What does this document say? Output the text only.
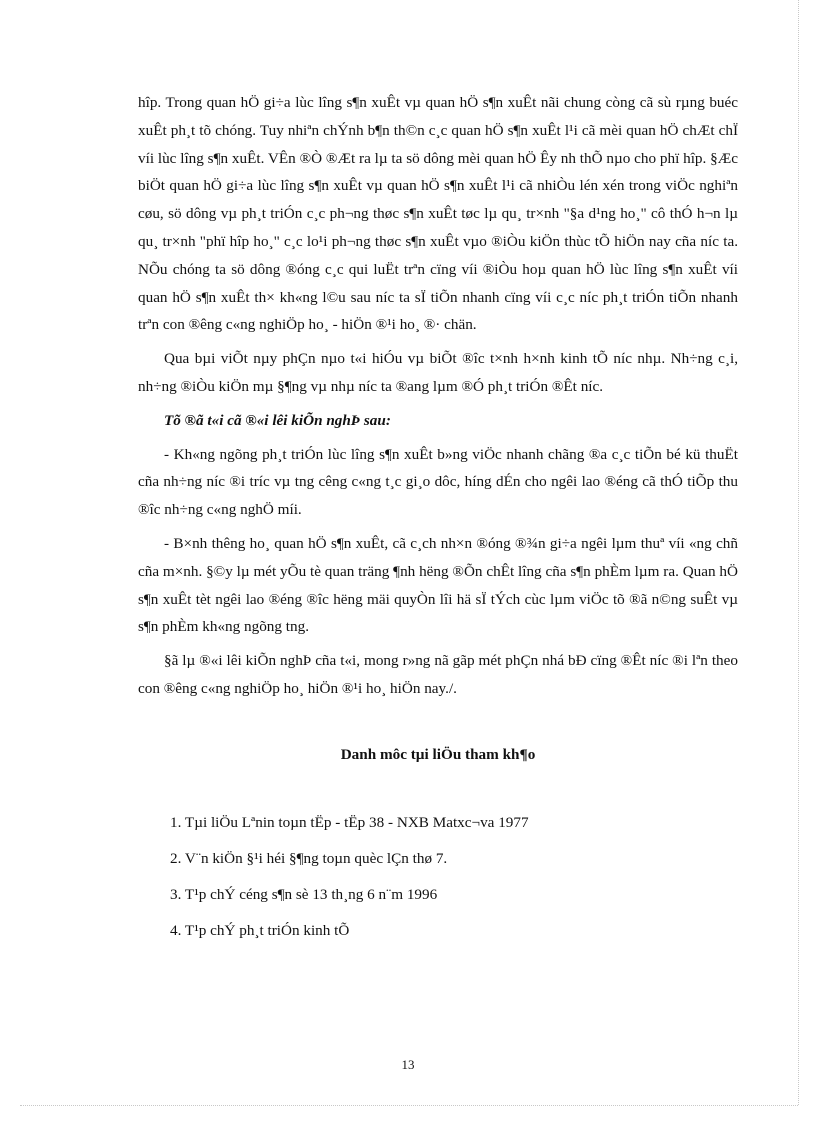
hîp. Trong quan hÖ gi÷a lùc lîng s¶n xuÊt vµ quan hÖ s¶n xuÊt nãi chung còng cã sù rµng buéc xuÊt ph¸t tõ chóng. Tuy nhiªn chÝnh b¶n th©n c¸c quan hÖ s¶n xuÊt l¹i cã mèi quan hÖ chÆt chÏ víi lùc lîng s¶n xuÊt. VÊn ®Ò ®Æt ra lµ ta sö dông mèi quan hÖ Êy nh thÕ nµo cho phï hîp. §Æc biÖt quan hÖ gi÷a lùc lîng s¶n xuÊt vµ quan hÖ s¶n xuÊt l¹i cã nhiÒu lén xén trong viÖc nghiªn cøu, sö dông vµ ph¸t triÓn c¸c ph¬ng thøc s¶n xuÊt tøc lµ qu¸ tr×nh "§a d¹ng ho¸" cô thÓ h¬n lµ qu¸ tr×nh "phï hîp ho¸" c¸c lo¹i ph¬ng thøc s¶n xuÊt vµo ®iÒu kiÖn thùc tÕ hiÖn nay cña níc ta. NÕu chóng ta sö dông ®óng c¸c qui luËt trªn cïng víi ®iÒu hoµ quan hÖ lùc lîng s¶n xuÊt víi quan hÖ s¶n xuÊt th× kh«ng l©u sau níc ta sÏ tiÕn nhanh cïng víi c¸c níc ph¸t triÓn tiÕn nhanh trªn con ®êng c«ng nghiÖp ho¸ - hiÖn ®¹i ho¸ ®· chän.

Qua bµi viÕt nµy phÇn nµo t«i hiÓu vµ biÕt ®îc t×nh h×nh kinh tÕ níc nhµ. Nh÷ng c¸i, nh÷ng ®iÒu kiÖn mµ §¶ng vµ nhµ níc ta ®ang lµm ®Ó ph¸t triÓn ®Êt níc.

Tõ ®ã t«i cã ®«i lêi kiÕn nghÞ sau:

- Kh«ng ngõng ph¸t triÓn lùc lîng s¶n xuÊt b»ng viÖc nhanh chãng ®a c¸c tiÕn bé kü thuËt cña nh÷ng níc ®i tríc vµ tng cêng c«ng t¸c gi¸o dôc, híng dÉn cho ngêi lao ®éng cã thÓ tiÕp thu ®îc nh÷ng c«ng nghÖ míi.

- B×nh thêng ho¸ quan hÖ s¶n xuÊt, cã c¸ch nh×n ®óng ®¾n gi÷a ngêi lµm thuª víi «ng chñ cña m×nh. §©y lµ mét yÕu tè quan träng ¶nh hëng ®Õn chÊt lîng cña s¶n phÈm lµm ra. Quan hÖ s¶n xuÊt tèt ngêi lao ®éng ®îc hëng mäi quyÒn lîi hä sÏ tÝch cùc lµm viÖc tõ ®ã n©ng suÊt vµ s¶n phÈm kh«ng ngõng tng.

§ã lµ ®«i lêi kiÕn nghÞ cña t«i, mong r»ng nã gãp mét phÇn nhá bÐ cïng ®Êt níc ®i lªn theo con ®êng c«ng nghiÖp ho¸ hiÖn ®¹i ho¸ hiÖn nay./.

Danh môc tµi liÖu tham kh¶o

1. Tµi liÖu Lªnin toµn tËp - tËp 38 - NXB Matxc¬va 1977
2. V¨n kiÖn §¹i héi §¶ng toµn quèc lÇn thø 7.
3. T¹p chÝ céng s¶n sè 13 th¸ng 6 n¨m 1996
4. T¹p chÝ ph¸t triÓn kinh tÕ
13
